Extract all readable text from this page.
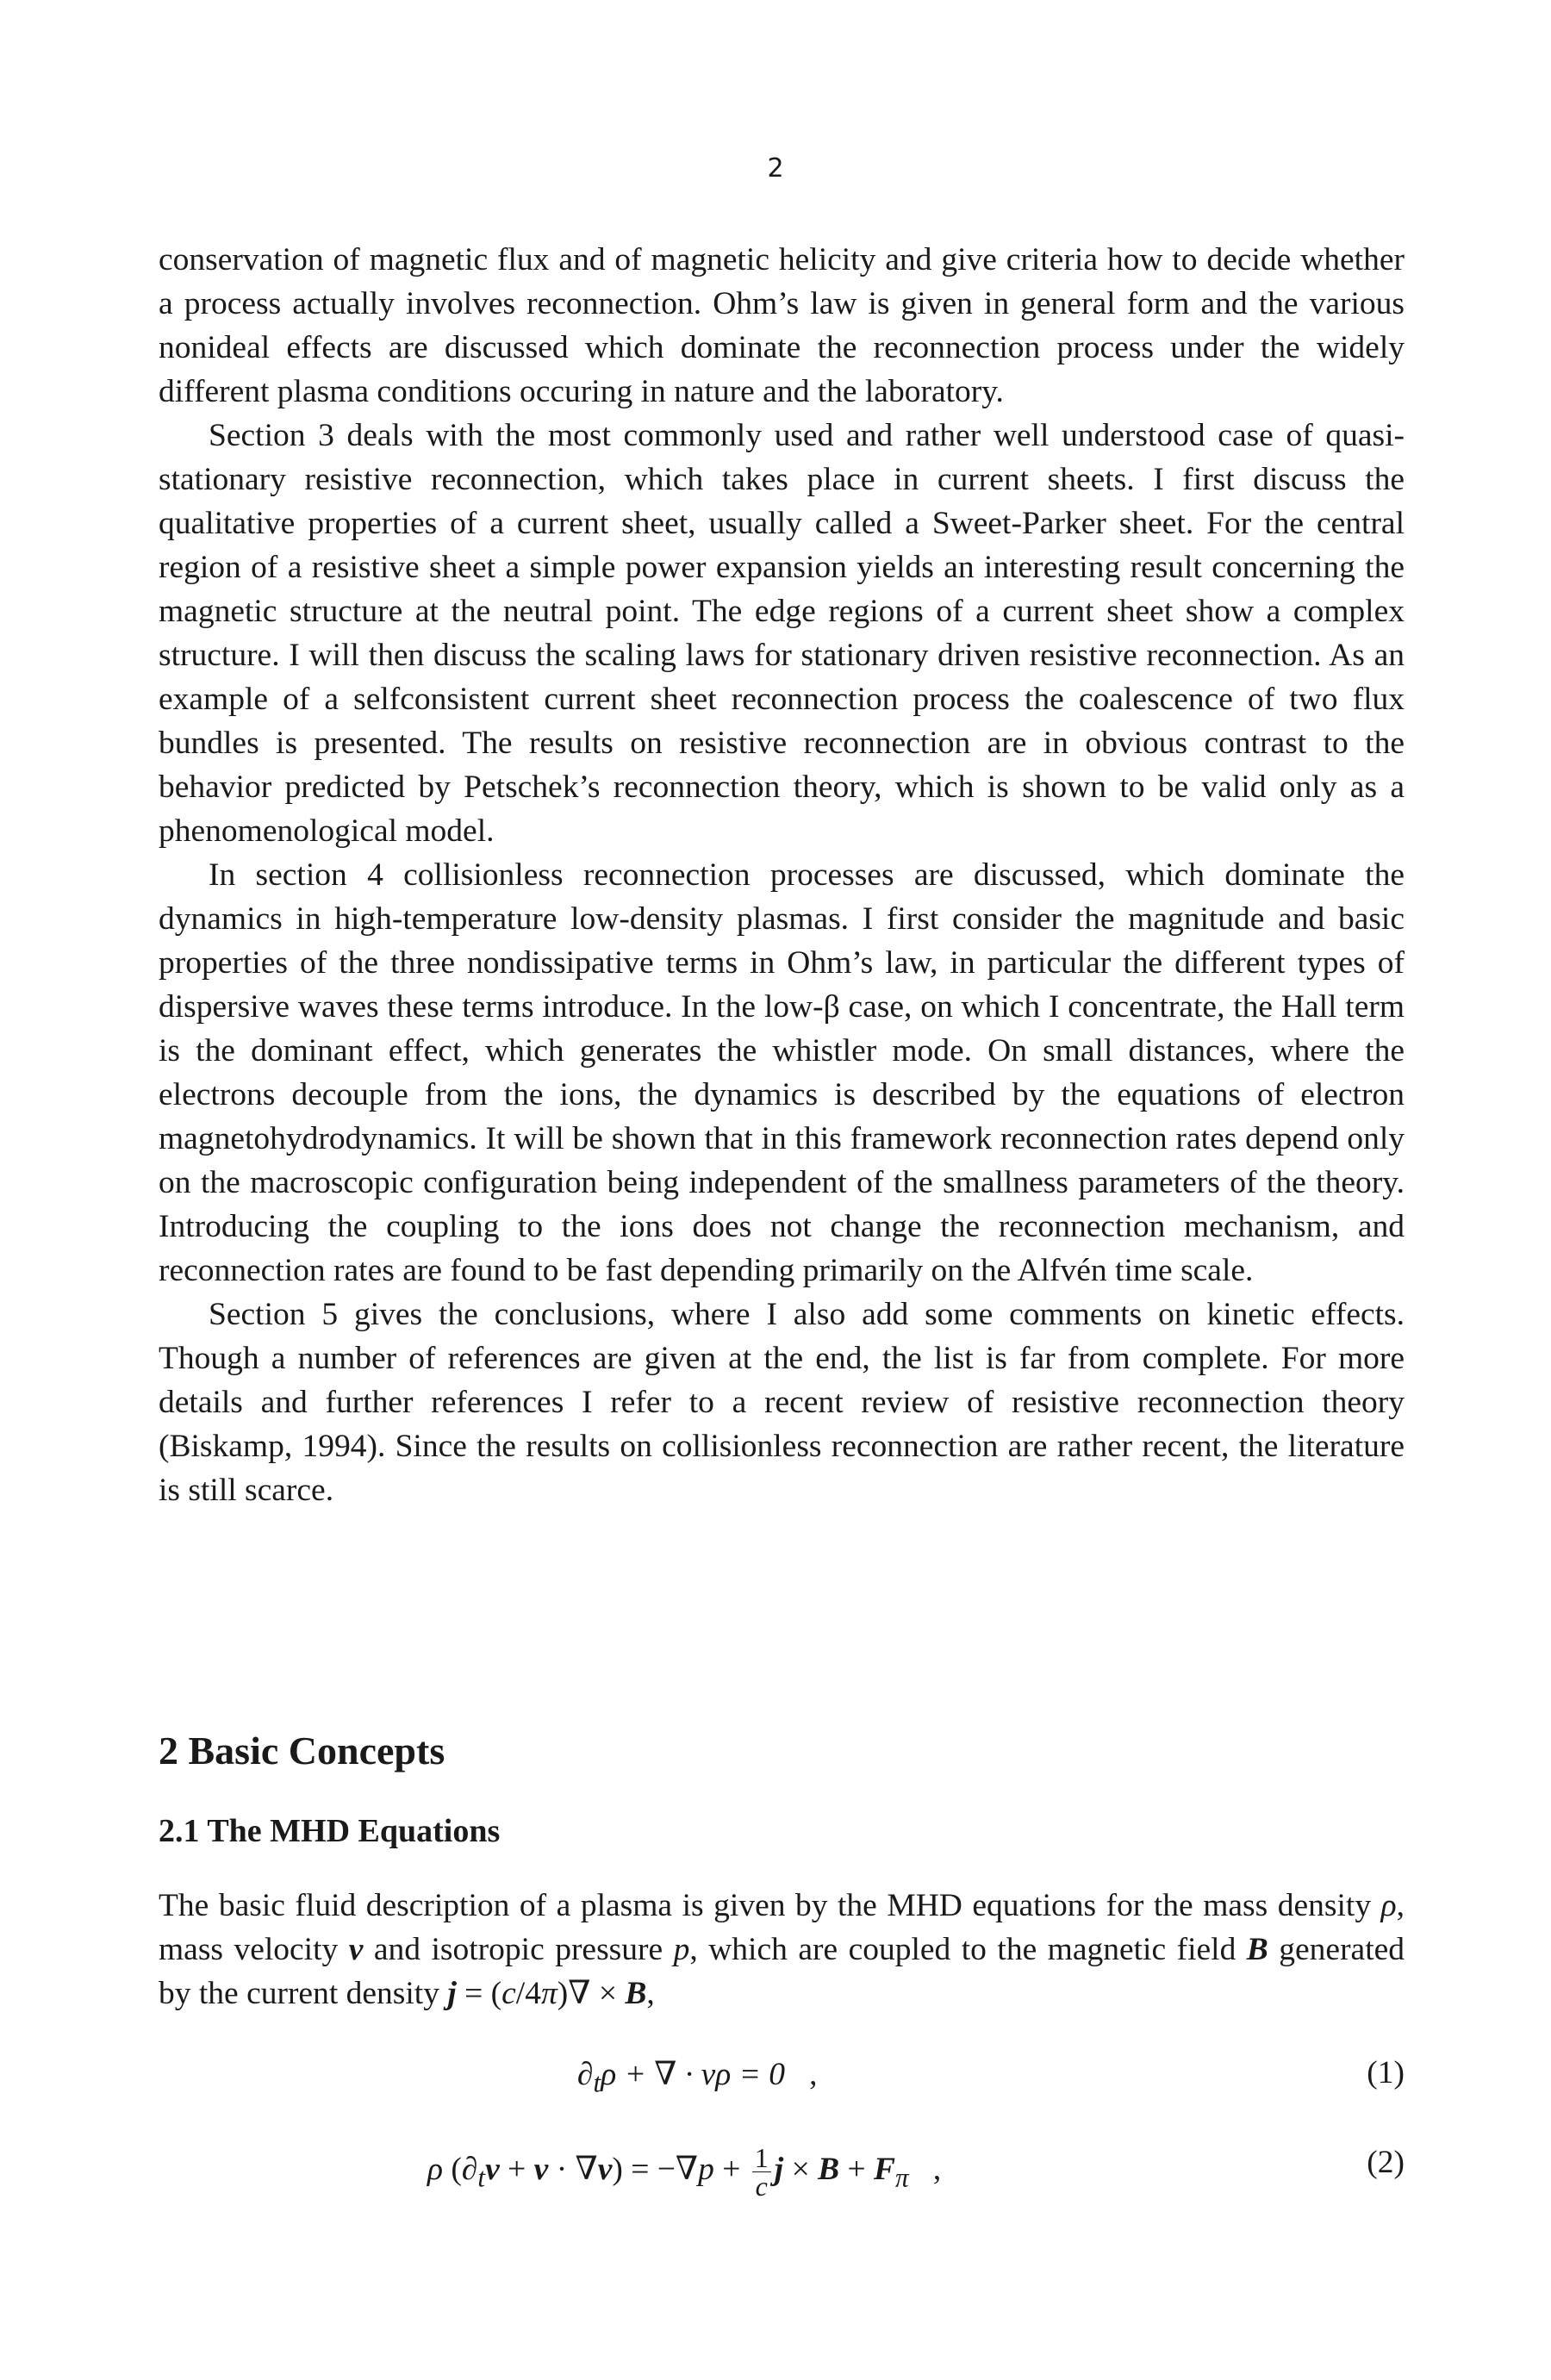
2

conservation of magnetic flux and of magnetic helicity and give criteria how to decide whether a process actually involves reconnection. Ohm’s law is given in general form and the various nonideal effects are discussed which dominate the reconnection process under the widely different plasma conditions occuring in nature and the laboratory.

Section 3 deals with the most commonly used and rather well understood case of quasi-stationary resistive reconnection, which takes place in current sheets. I first discuss the qualitative properties of a current sheet, usually called a Sweet-Parker sheet. For the central region of a resistive sheet a simple power expansion yields an interesting result concerning the magnetic structure at the neutral point. The edge regions of a current sheet show a complex structure. I will then discuss the scaling laws for stationary driven resistive reconnection. As an example of a selfconsistent current sheet reconnection process the coalescence of two flux bundles is presented. The results on resistive reconnection are in obvious contrast to the behavior predicted by Petschek’s reconnection theory, which is shown to be valid only as a phenomenological model.

In section 4 collisionless reconnection processes are discussed, which dominate the dynamics in high-temperature low-density plasmas. I first consider the magnitude and basic properties of the three nondissipative terms in Ohm’s law, in particular the different types of dispersive waves these terms introduce. In the low-β case, on which I concentrate, the Hall term is the dominant effect, which generates the whistler mode. On small distances, where the electrons decouple from the ions, the dynamics is described by the equations of electron magnetohydrodynamics. It will be shown that in this framework reconnection rates depend only on the macroscopic configuration being independent of the smallness parameters of the theory. Introducing the coupling to the ions does not change the reconnection mechanism, and reconnection rates are found to be fast depending primarily on the Alfvén time scale.

Section 5 gives the conclusions, where I also add some comments on kinetic effects. Though a number of references are given at the end, the list is far from complete. For more details and further references I refer to a recent review of resistive reconnection theory (Biskamp, 1994). Since the results on collisionless reconnection are rather recent, the literature is still scarce.

2 Basic Concepts
2.1 The MHD Equations

The basic fluid description of a plasma is given by the MHD equations for the mass density ρ, mass velocity v and isotropic pressure p, which are coupled to the magnetic field B generated by the current density j = (c/4π)∇ × B,

$\partial_t\rho$ + ∇ · vρ = 0 ,	(1)
ρ $(\partial_tv + v \cdot \nabla v) = -\nabla p + \frac{1}{c}$ $j \times B + F_\pi$ ,	(2)
